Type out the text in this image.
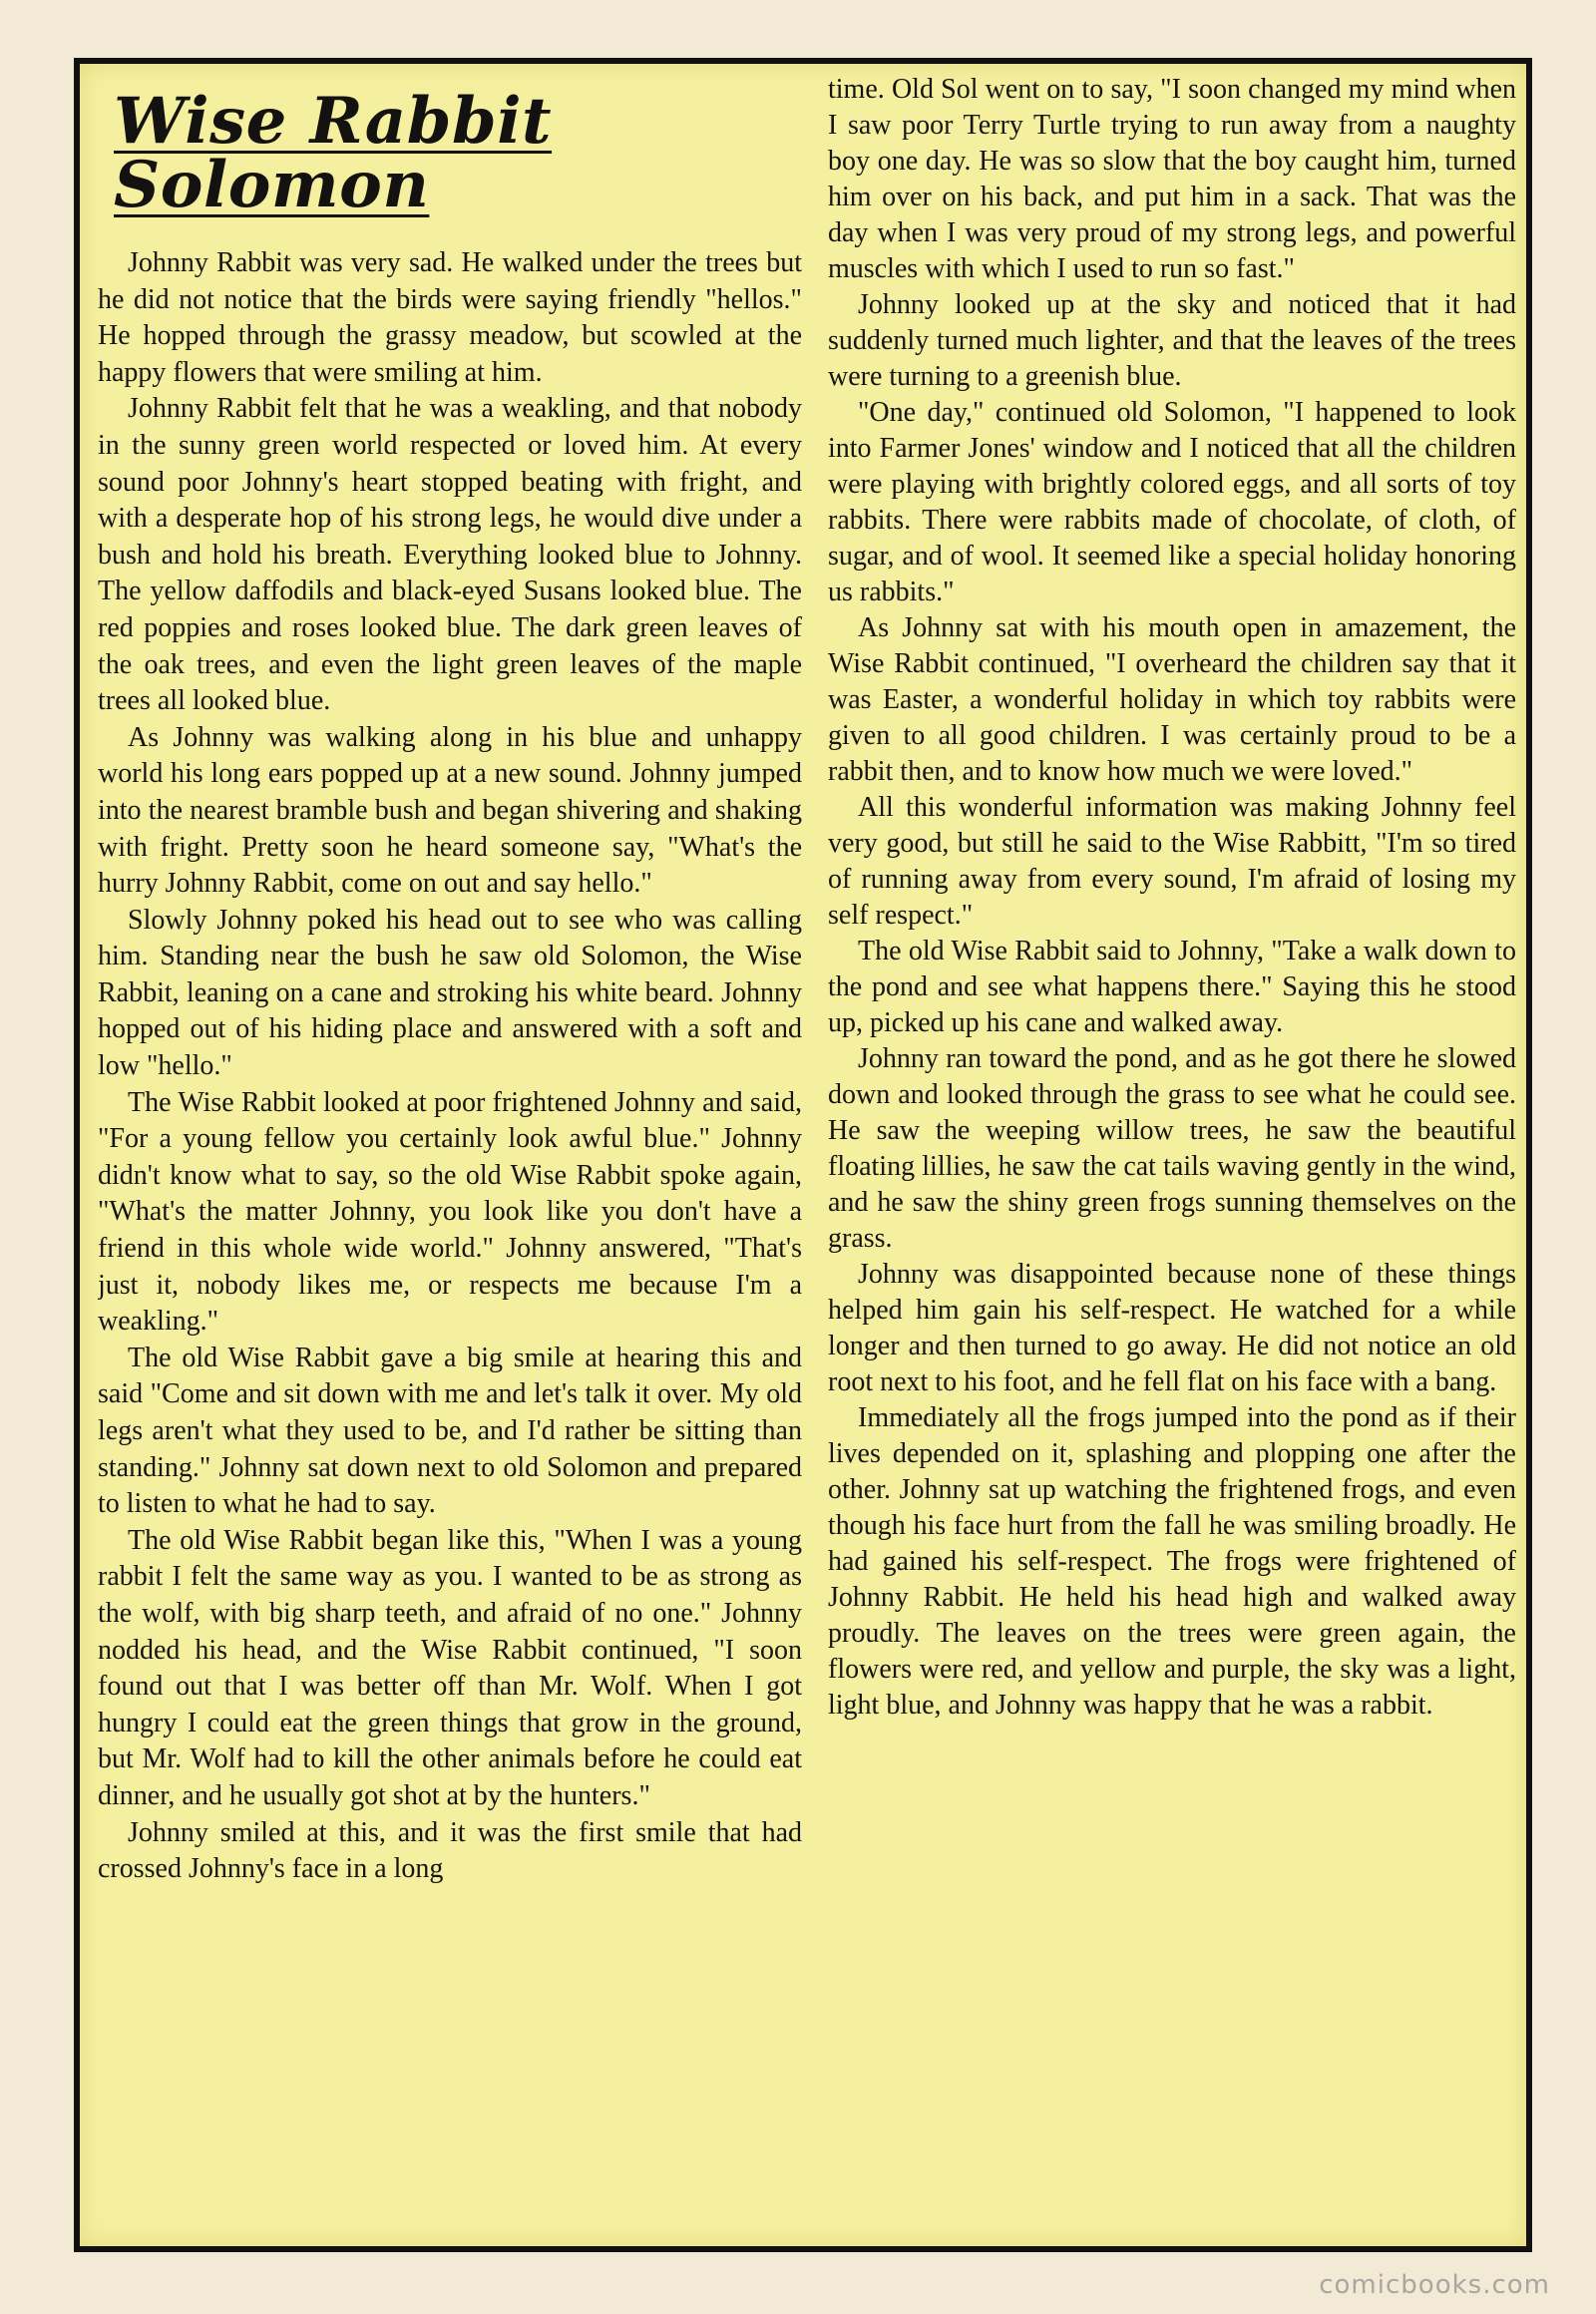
Wise Rabbit Solomon

Johnny Rabbit was very sad. He walked under the trees but he did not notice that the birds were saying friendly "hellos." He hopped through the grassy meadow, but scowled at the happy flowers that were smiling at him.

Johnny Rabbit felt that he was a weakling, and that nobody in the sunny green world respected or loved him. At every sound poor Johnny's heart stopped beating with fright, and with a desperate hop of his strong legs, he would dive under a bush and hold his breath. Everything looked blue to Johnny. The yellow daffodils and black-eyed Susans looked blue. The red poppies and roses looked blue. The dark green leaves of the oak trees, and even the light green leaves of the maple trees all looked blue.

As Johnny was walking along in his blue and unhappy world his long ears popped up at a new sound. Johnny jumped into the nearest bramble bush and began shivering and shaking with fright. Pretty soon he heard someone say, "What's the hurry Johnny Rabbit, come on out and say hello."

Slowly Johnny poked his head out to see who was calling him. Standing near the bush he saw old Solomon, the Wise Rabbit, leaning on a cane and stroking his white beard. Johnny hopped out of his hiding place and answered with a soft and low "hello."

The Wise Rabbit looked at poor frightened Johnny and said, "For a young fellow you certainly look awful blue." Johnny didn't know what to say, so the old Wise Rabbit spoke again, "What's the matter Johnny, you look like you don't have a friend in this whole wide world." Johnny answered, "That's just it, nobody likes me, or respects me because I'm a weakling."

The old Wise Rabbit gave a big smile at hearing this and said "Come and sit down with me and let's talk it over. My old legs aren't what they used to be, and I'd rather be sitting than standing." Johnny sat down next to old Solomon and prepared to listen to what he had to say.

The old Wise Rabbit began like this, "When I was a young rabbit I felt the same way as you. I wanted to be as strong as the wolf, with big sharp teeth, and afraid of no one." Johnny nodded his head, and the Wise Rabbit continued, "I soon found out that I was better off than Mr. Wolf. When I got hungry I could eat the green things that grow in the ground, but Mr. Wolf had to kill the other animals before he could eat dinner, and he usually got shot at by the hunters."

Johnny smiled at this, and it was the first smile that had crossed Johnny's face in a long

time. Old Sol went on to say, "I soon changed my mind when I saw poor Terry Turtle trying to run away from a naughty boy one day. He was so slow that the boy caught him, turned him over on his back, and put him in a sack. That was the day when I was very proud of my strong legs, and powerful muscles with which I used to run so fast."

Johnny looked up at the sky and noticed that it had suddenly turned much lighter, and that the leaves of the trees were turning to a greenish blue.

"One day," continued old Solomon, "I happened to look into Farmer Jones' window and I noticed that all the children were playing with brightly colored eggs, and all sorts of toy rabbits. There were rabbits made of chocolate, of cloth, of sugar, and of wool. It seemed like a special holiday honoring us rabbits."

As Johnny sat with his mouth open in amazement, the Wise Rabbit continued, "I overheard the children say that it was Easter, a wonderful holiday in which toy rabbits were given to all good children. I was certainly proud to be a rabbit then, and to know how much we were loved."

All this wonderful information was making Johnny feel very good, but still he said to the Wise Rabbitt, "I'm so tired of running away from every sound, I'm afraid of losing my self respect."

The old Wise Rabbit said to Johnny, "Take a walk down to the pond and see what happens there." Saying this he stood up, picked up his cane and walked away.

Johnny ran toward the pond, and as he got there he slowed down and looked through the grass to see what he could see. He saw the weeping willow trees, he saw the beautiful floating lillies, he saw the cat tails waving gently in the wind, and he saw the shiny green frogs sunning themselves on the grass.

Johnny was disappointed because none of these things helped him gain his self-respect. He watched for a while longer and then turned to go away. He did not notice an old root next to his foot, and he fell flat on his face with a bang.

Immediately all the frogs jumped into the pond as if their lives depended on it, splashing and plopping one after the other. Johnny sat up watching the frightened frogs, and even though his face hurt from the fall he was smiling broadly. He had gained his self-respect. The frogs were frightened of Johnny Rabbit. He held his head high and walked away proudly. The leaves on the trees were green again, the flowers were red, and yellow and purple, the sky was a light, light blue, and Johnny was happy that he was a rabbit.

comicbooks.com
